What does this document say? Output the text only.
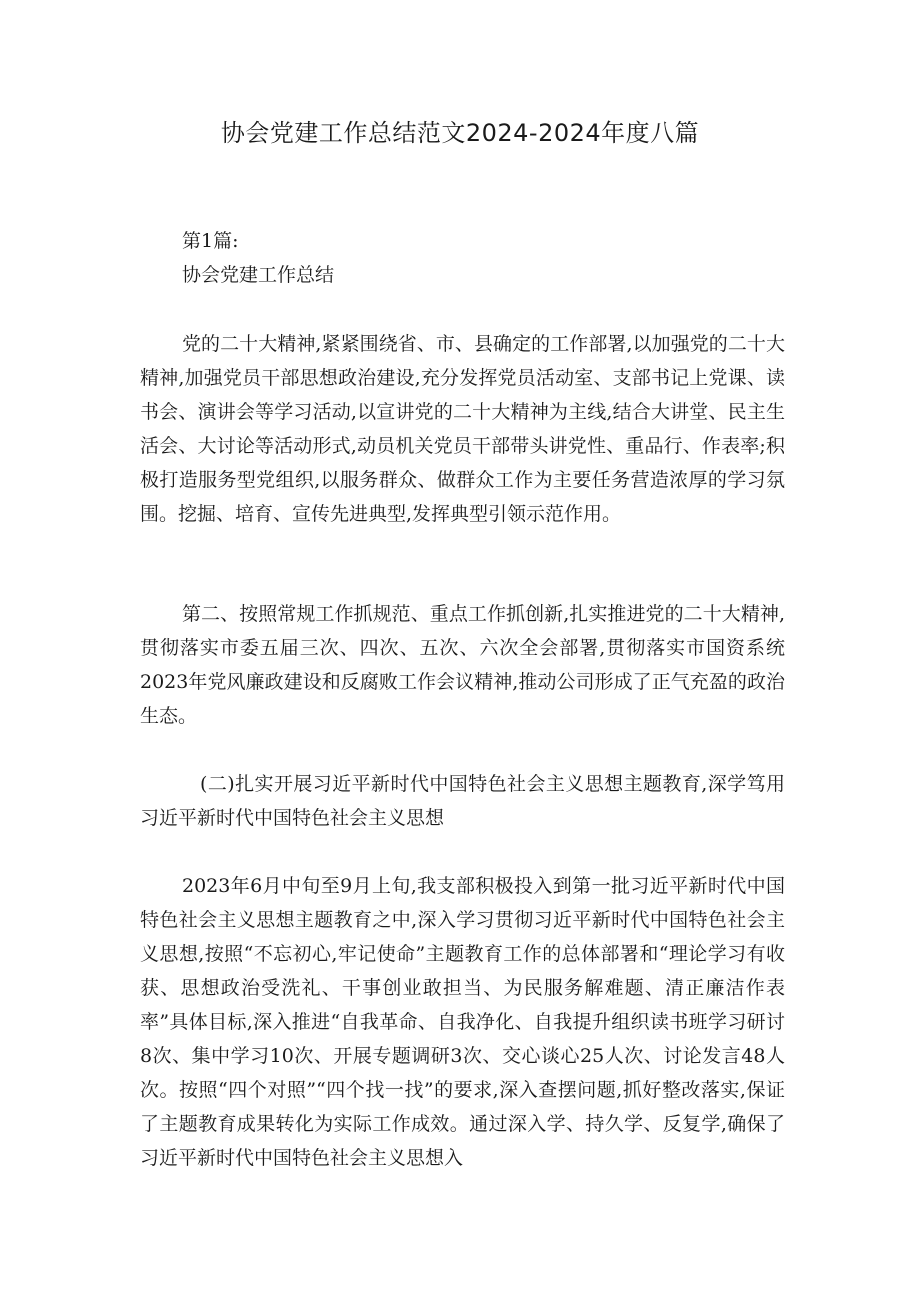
协会党建工作总结范文2024-2024年度八篇

第1篇:

协会党建工作总结

党的二十大精神,紧紧围绕省、市、县确定的工作部署,以加强党的二十大精神,加强党员干部思想政治建设,充分发挥党员活动室、支部书记上党课、读书会、演讲会等学习活动,以宣讲党的二十大精神为主线,结合大讲堂、民主生活会、大讨论等活动形式,动员机关党员干部带头讲党性、重品行、作表率;积极打造服务型党组织,以服务群众、做群众工作为主要任务营造浓厚的学习氛围。挖掘、培育、宣传先进典型,发挥典型引领示范作用。

第二、按照常规工作抓规范、重点工作抓创新,扎实推进党的二十大精神,贯彻落实市委五届三次、四次、五次、六次全会部署,贯彻落实市国资系统2023年党风廉政建设和反腐败工作会议精神,推动公司形成了正气充盈的政治生态。

(二)扎实开展习近平新时代中国特色社会主义思想主题教育,深学笃用习近平新时代中国特色社会主义思想

2023年6月中旬至9月上旬,我支部积极投入到第一批习近平新时代中国特色社会主义思想主题教育之中,深入学习贯彻习近平新时代中国特色社会主义思想,按照“不忘初心,牢记使命”主题教育工作的总体部署和“理论学习有收获、思想政治受洗礼、干事创业敢担当、为民服务解难题、清正廉洁作表率”具体目标,深入推进“自我革命、自我净化、自我提升组织读书班学习研讨8次、集中学习10次、开展专题调研3次、交心谈心25人次、讨论发言48人次。按照“四个对照”“四个找一找”的要求,深入查摆问题,抓好整改落实,保证了主题教育成果转化为实际工作成效。通过深入学、持久学、反复学,确保了习近平新时代中国特色社会主义思想入
